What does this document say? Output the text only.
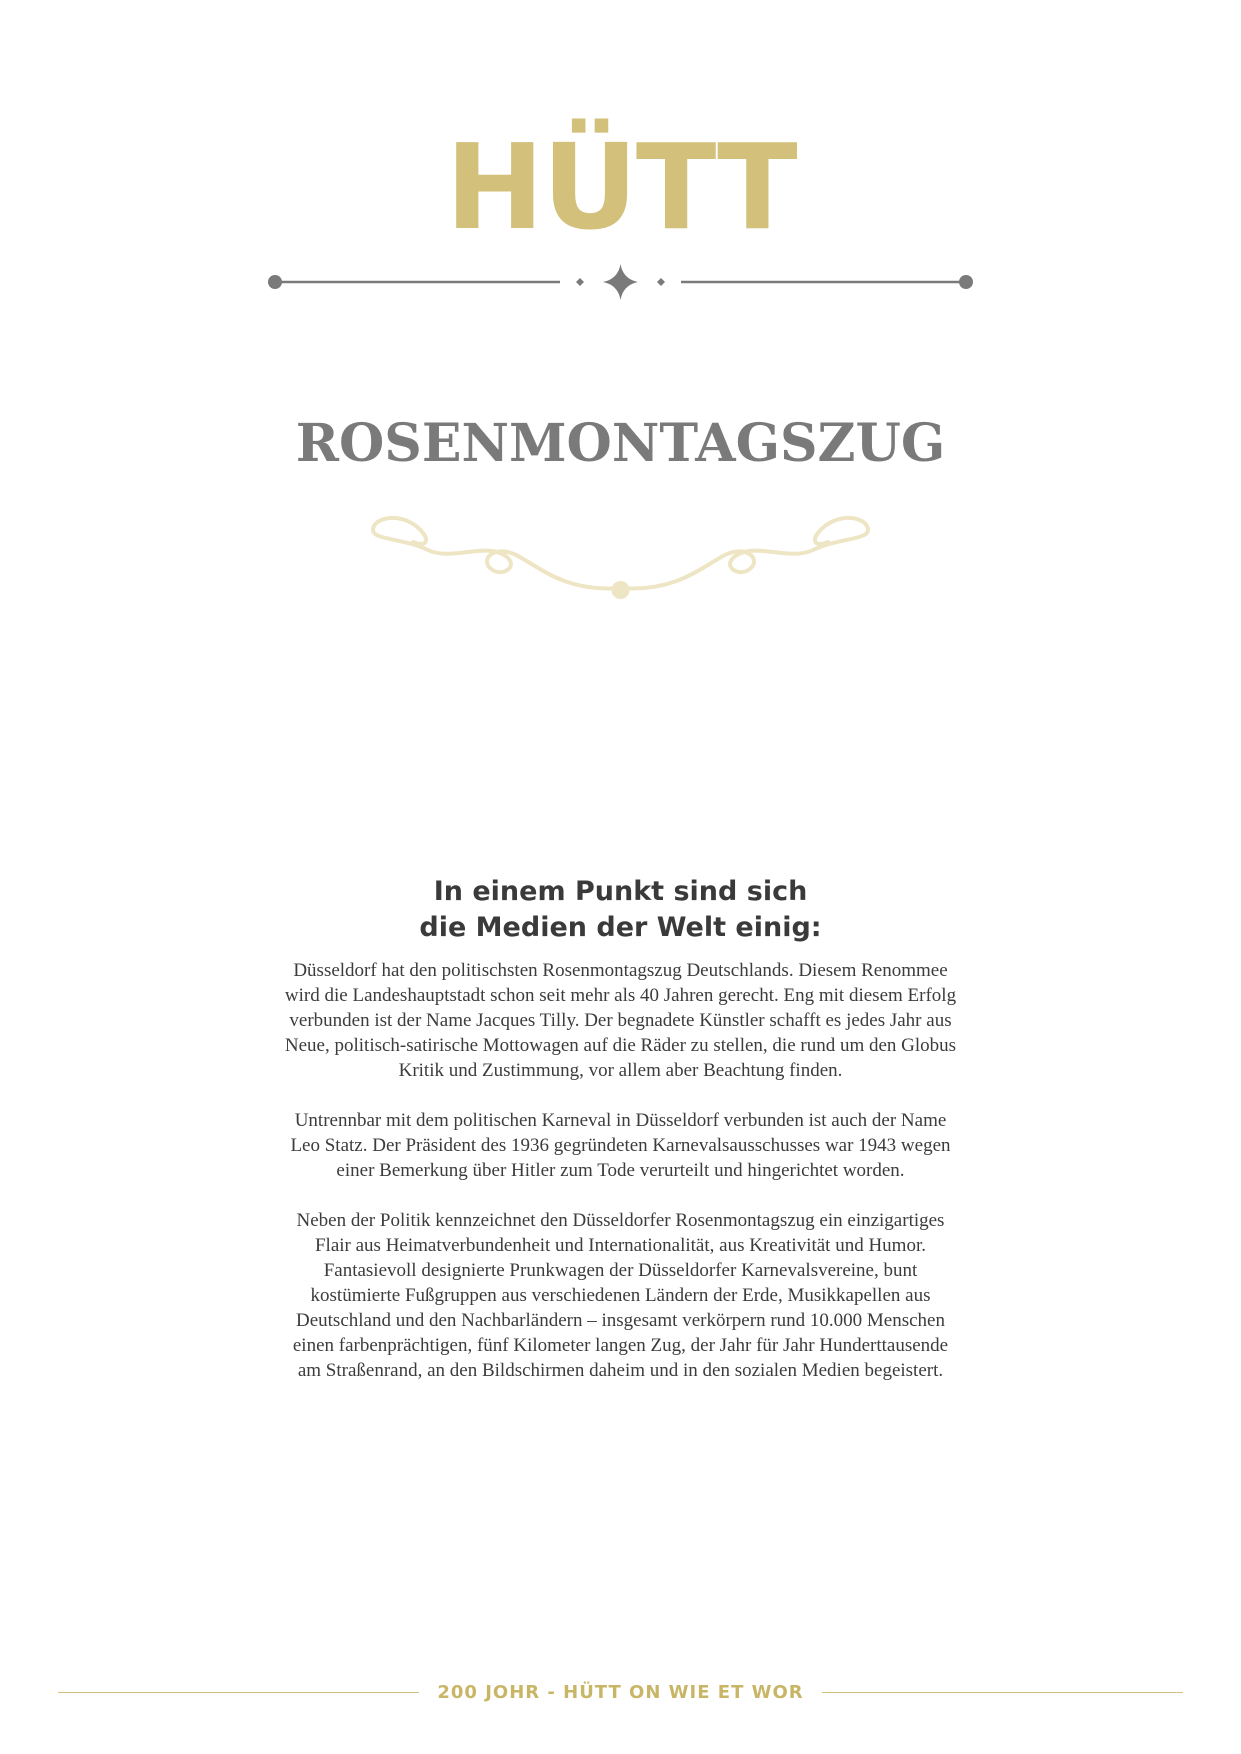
HÜTT
ROSENMONTAGSZUG
In einem Punkt sind sich
die Medien der Welt einig:

Düsseldorf hat den politischsten Rosenmontagszug Deutschlands. Diesem Renommee wird die Landeshauptstadt schon seit mehr als 40 Jahren gerecht. Eng mit diesem Erfolg verbunden ist der Name Jacques Tilly. Der begnadete Künstler schafft es jedes Jahr aus Neue, politisch-satirische Mottowagen auf die Räder zu stellen, die rund um den Globus Kritik und Zustimmung, vor allem aber Beachtung finden.

Untrennbar mit dem politischen Karneval in Düsseldorf verbunden ist auch der Name Leo Statz. Der Präsident des 1936 gegründeten Karnevalsausschusses war 1943 wegen einer Bemerkung über Hitler zum Tode verurteilt und hingerichtet worden.

Neben der Politik kennzeichnet den Düsseldorfer Rosenmontagszug ein einzigartiges Flair aus Heimatverbundenheit und Internationalität, aus Kreativität und Humor. Fantasievoll designierte Prunkwagen der Düsseldorfer Karnevalsvereine, bunt kostümierte Fußgruppen aus verschiedenen Ländern der Erde, Musikkapellen aus Deutschland und den Nachbarländern – insgesamt verkörpern rund 10.000 Menschen einen farbenprächtigen, fünf Kilometer langen Zug, der Jahr für Jahr Hunderttausende am Straßenrand, an den Bildschirmen daheim und in den sozialen Medien begeistert.

200 JOHR - HÜTT ON WIE ET WOR
